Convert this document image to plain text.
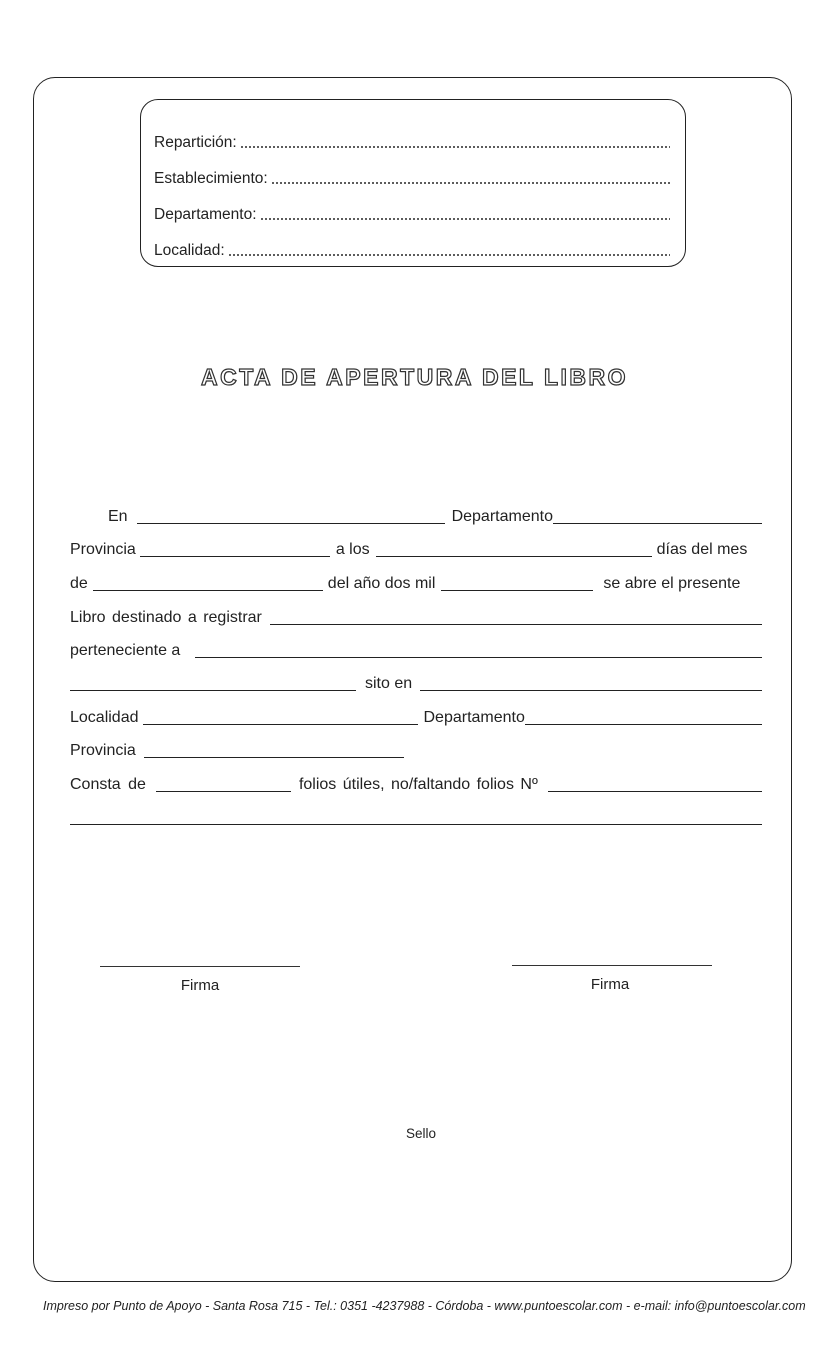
Repartición:
Establecimiento:
Departamento:
Localidad:
ACTA DE APERTURA DEL LIBRO
En	Departamento
Provincia	a los	días del mes
de	del año dos mil	se abre el presente
Libro destinado a registrar
perteneciente a
sito en
Localidad	Departamento
Provincia
Consta de	folios útiles, no/faltando folios Nº
Firma	Firma
Sello
Impreso por Punto de Apoyo - Santa Rosa 715 - Tel.: 0351 -4237988 - Córdoba - www.puntoescolar.com - e-mail: info@puntoescolar.com
